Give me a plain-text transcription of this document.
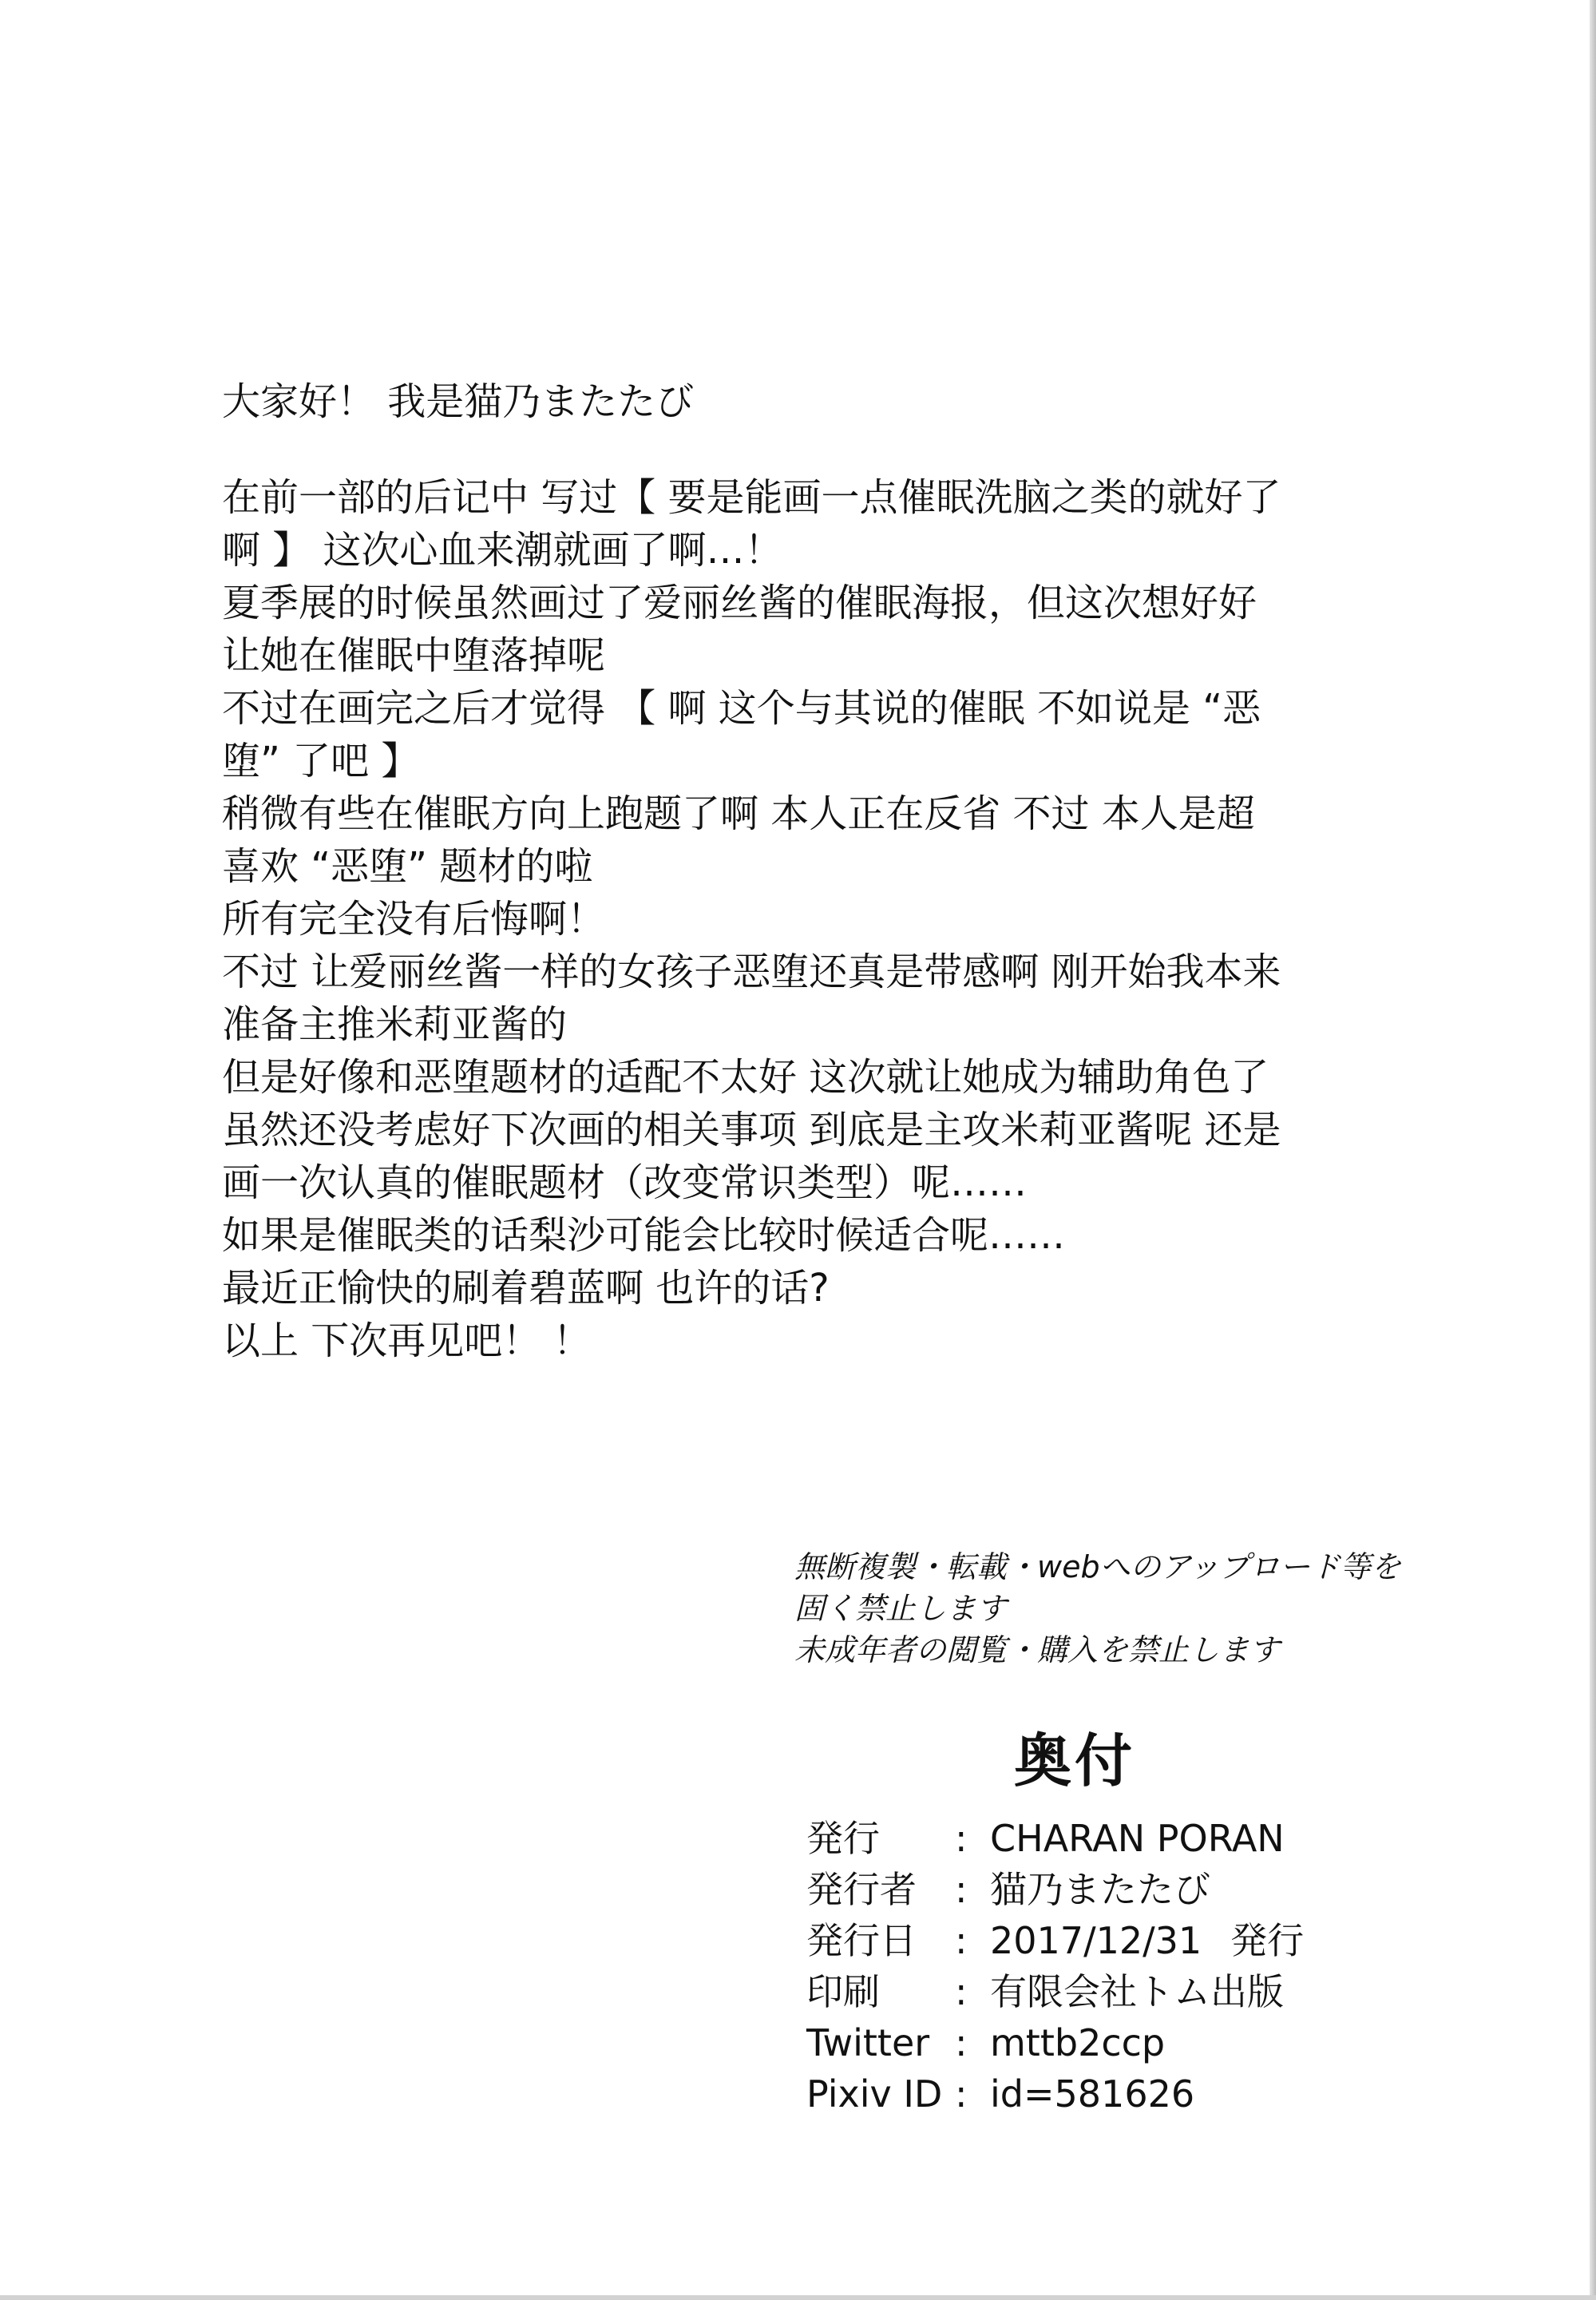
大家好！ 我是猫乃またたび

在前一部的后记中 写过【 要是能画一点催眠洗脑之类的就好了

啊 】 这次心血来潮就画了啊…！

夏季展的时候虽然画过了爱丽丝酱的催眠海报，但这次想好好

让她在催眠中堕落掉呢

不过在画完之后才觉得 【 啊 这个与其说的催眠 不如说是 “恶

堕” 了吧 】

稍微有些在催眠方向上跑题了啊 本人正在反省 不过 本人是超

喜欢 “恶堕” 题材的啦

所有完全没有后悔啊！

不过 让爱丽丝酱一样的女孩子恶堕还真是带感啊 刚开始我本来

准备主推米莉亚酱的

但是好像和恶堕题材的适配不太好 这次就让她成为辅助角色了

虽然还没考虑好下次画的相关事项 到底是主攻米莉亚酱呢 还是

画一次认真的催眠题材（改变常识类型）呢……

如果是催眠类的话梨沙可能会比较时候适合呢……

最近正愉快的刷着碧蓝啊 也许的话?

以上 下次再见吧！ ！

無断複製・転載・webへのアップロード等を

固く禁止します

未成年者の閲覧・購入を禁止します

奥付
発行	: CHARAN PORAN
発行者	: 猫乃またたび
発行日	: 2017/12/31 発行
印刷	: 有限会社トム出版
Twitter : mttb2ccp
Pixiv ID : id=581626
